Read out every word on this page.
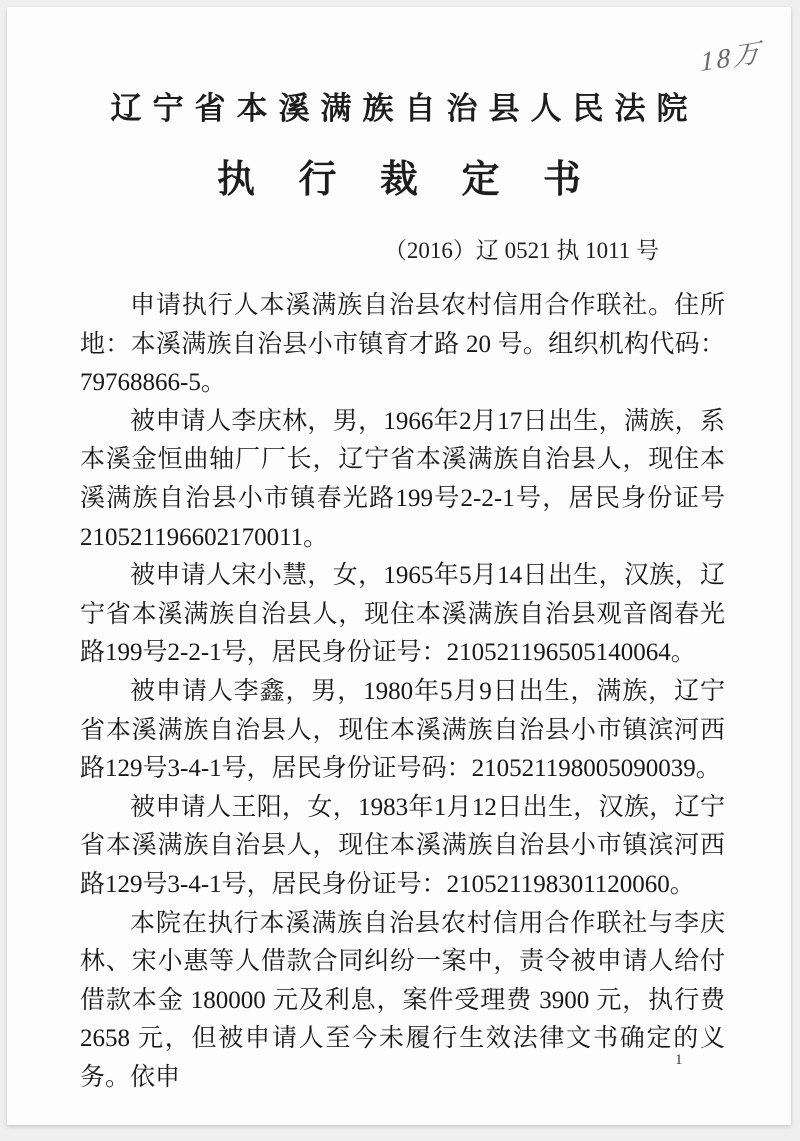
18万
辽宁省本溪满族自治县人民法院
执 行 裁 定 书
（2016）辽 0521 执 1011 号

申请执行人本溪满族自治县农村信用合作联社。住所地：本溪满族自治县小市镇育才路 20 号。组织机构代码：79768866-5。

被申请人李庆林，男，1966年2月17日出生，满族，系本溪金恒曲轴厂厂长，辽宁省本溪满族自治县人，现住本溪满族自治县小市镇春光路199号2-2-1号，居民身份证号210521196602170011。

被申请人宋小慧，女，1965年5月14日出生，汉族，辽宁省本溪满族自治县人，现住本溪满族自治县观音阁春光路199号2-2-1号，居民身份证号：210521196505140064。

被申请人李鑫，男，1980年5月9日出生，满族，辽宁省本溪满族自治县人，现住本溪满族自治县小市镇滨河西路129号3-4-1号，居民身份证号码：210521198005090039。

被申请人王阳，女，1983年1月12日出生，汉族，辽宁省本溪满族自治县人，现住本溪满族自治县小市镇滨河西路129号3-4-1号，居民身份证号：210521198301120060。

本院在执行本溪满族自治县农村信用合作联社与李庆林、宋小惠等人借款合同纠纷一案中，责令被申请人给付借款本金 180000 元及利息，案件受理费 3900 元，执行费 2658 元，但被申请人至今未履行生效法律文书确定的义务。依申

1
